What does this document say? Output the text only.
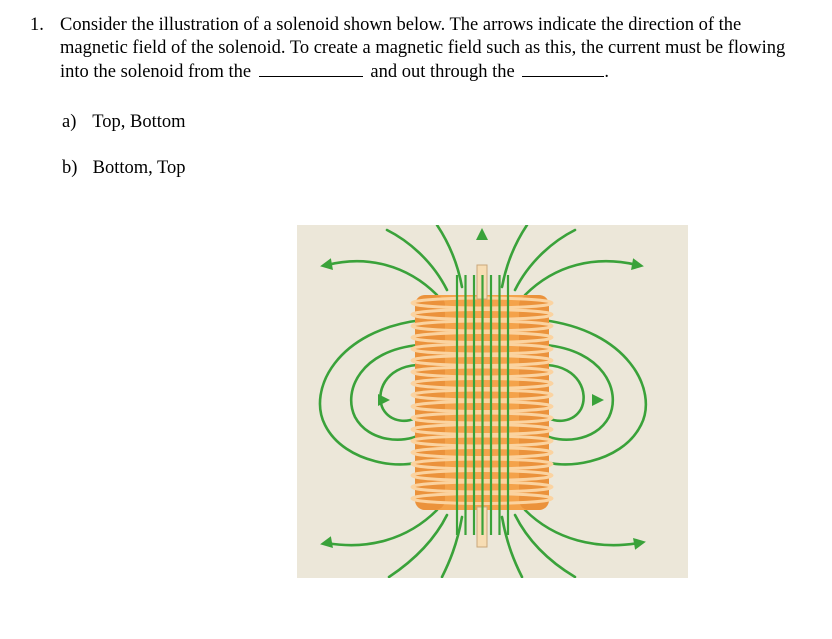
1. Consider the illustration of a solenoid shown below. The arrows indicate the direction of the magnetic field of the solenoid. To create a magnetic field such as this, the current must be flowing into the solenoid from the	and out through the	.
a) Top, Bottom
b) Bottom, Top
